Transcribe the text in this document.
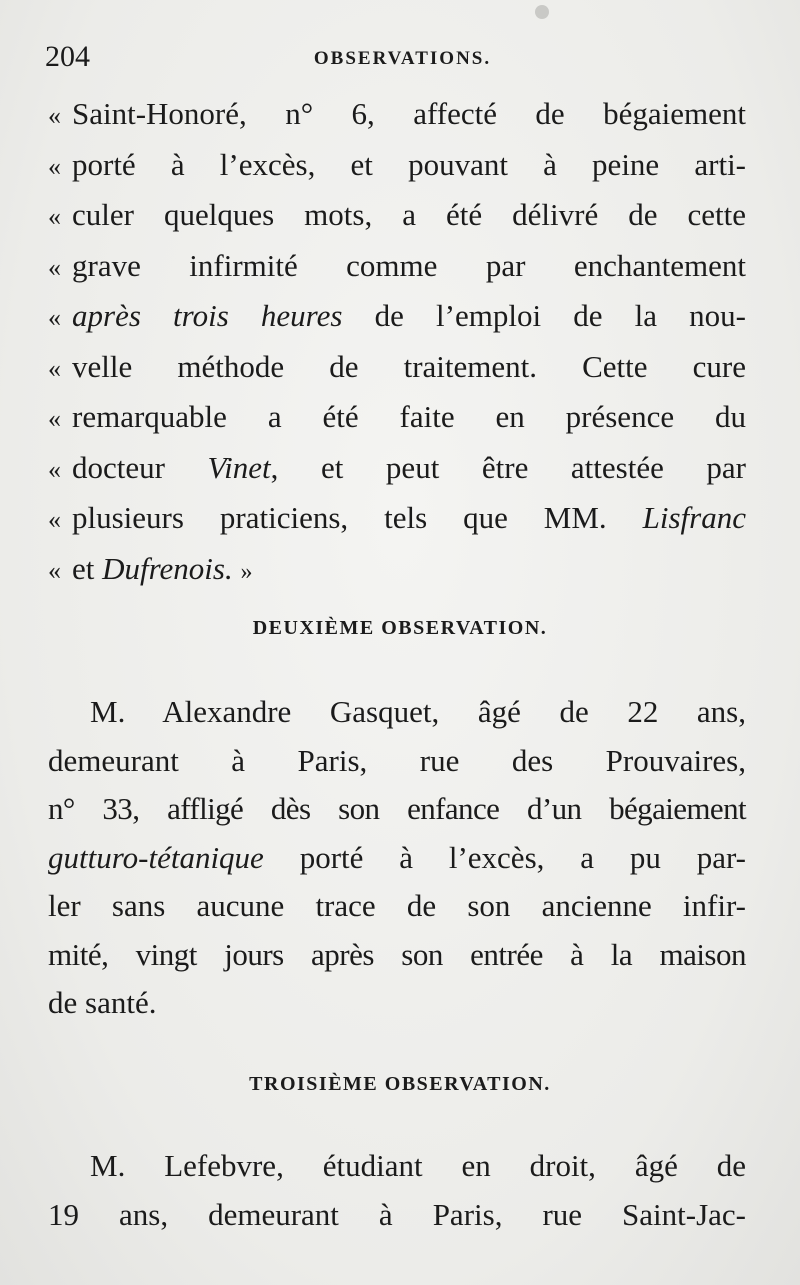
204	OBSERVATIONS.
« Saint-Honoré, n° 6, affecté de bégaiement
« porté à l’excès, et pouvant à peine arti-
« culer quelques mots, a été délivré de cette
« grave infirmité comme par enchantement
« après trois heures de l’emploi de la nou-
« velle méthode de traitement. Cette cure
« remarquable a été faite en présence du
« docteur Vinet, et peut être attestée par
« plusieurs praticiens, tels que MM. Lisfranc
« et Dufrenois. »
DEUXIÈME OBSERVATION.
M. Alexandre Gasquet, âgé de 22 ans,
demeurant à Paris, rue des Prouvaires,
n° 33, affligé dès son enfance d’un bégaiement
gutturo-tétanique porté à l’excès, a pu par-
ler sans aucune trace de son ancienne infir-
mité, vingt jours après son entrée à la maison
de santé.
TROISIÈME OBSERVATION.
M. Lefebvre, étudiant en droit, âgé de
19 ans, demeurant à Paris, rue Saint-Jac-
